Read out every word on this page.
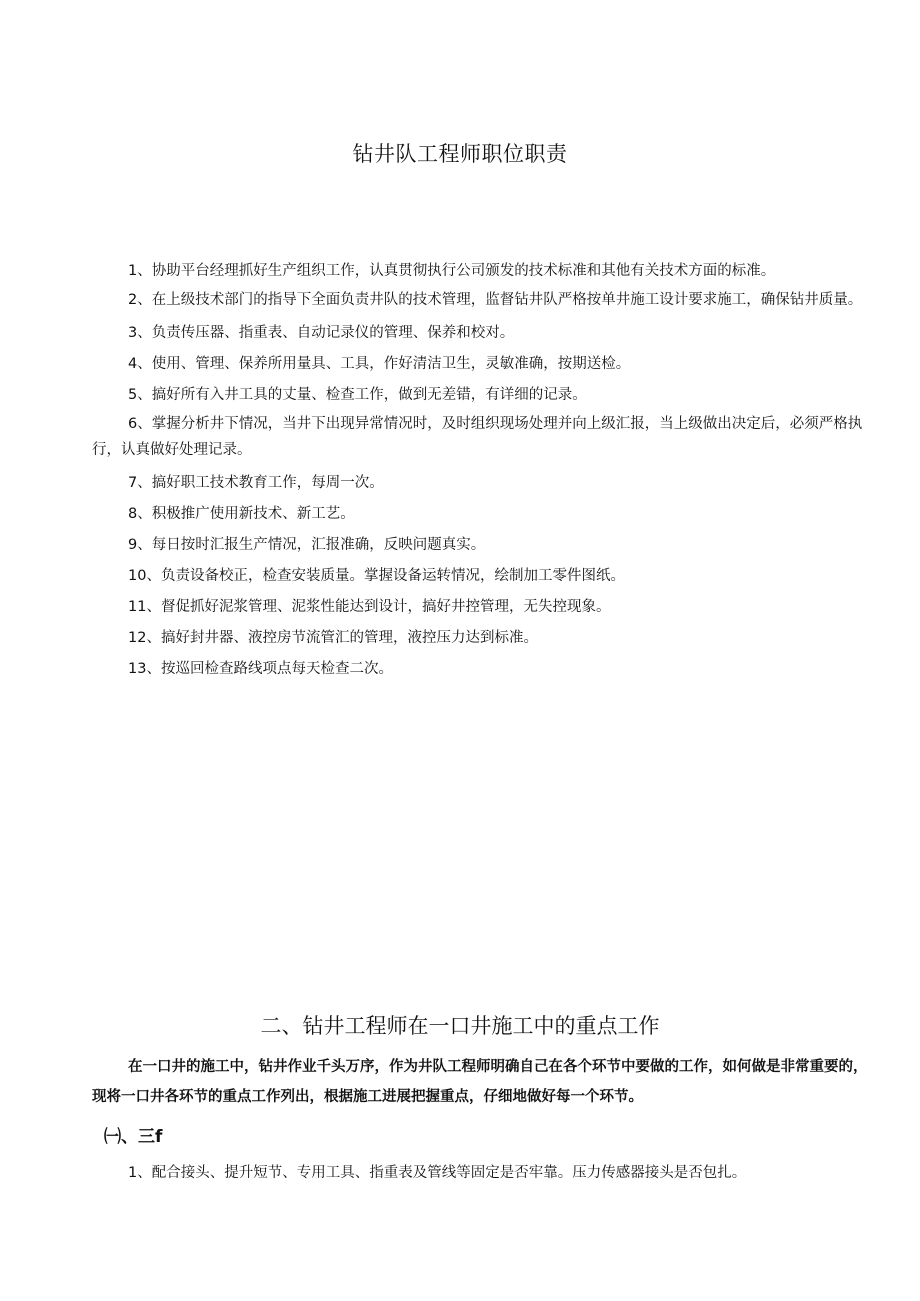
钻井队工程师职位职责

1、协助平台经理抓好生产组织工作，认真贯彻执行公司颁发的技术标准和其他有关技术方面的标准。

2、在上级技术部门的指导下全面负责井队的技术管理，监督钻井队严格按单井施工设计要求施工，确保钻井质量。

3、负责传压器、指重表、自动记录仪的管理、保养和校对。

4、使用、管理、保养所用量具、工具，作好清洁卫生，灵敏准确，按期送检。

5、搞好所有入井工具的丈量、检查工作，做到无差错，有详细的记录。

6、掌握分析井下情况，当井下出现异常情况时，及时组织现场处理并向上级汇报，当上级做出决定后，必须严格执行，认真做好处理记录。

7、搞好职工技术教育工作，每周一次。

8、积极推广使用新技术、新工艺。

9、每日按时汇报生产情况，汇报准确，反映问题真实。

10、负责设备校正，检查安装质量。掌握设备运转情况，绘制加工零件图纸。

11、督促抓好泥浆管理、泥浆性能达到设计，搞好井控管理，无失控现象。

12、搞好封井器、液控房节流管汇的管理，液控压力达到标准。

13、按巡回检查路线项点每天检查二次。

二、钻井工程师在一口井施工中的重点工作
在一口井的施工中，钻井作业千头万序，作为井队工程师明确自己在各个环节中要做的工作，如何做是非常重要的，现将一口井各环节的重点工作列出，根据施工进展把握重点，仔细地做好每一个环节。
㈠、三f
1、配合接头、提升短节、专用工具、指重表及管线等固定是否牢靠。压力传感器接头是否包扎。
